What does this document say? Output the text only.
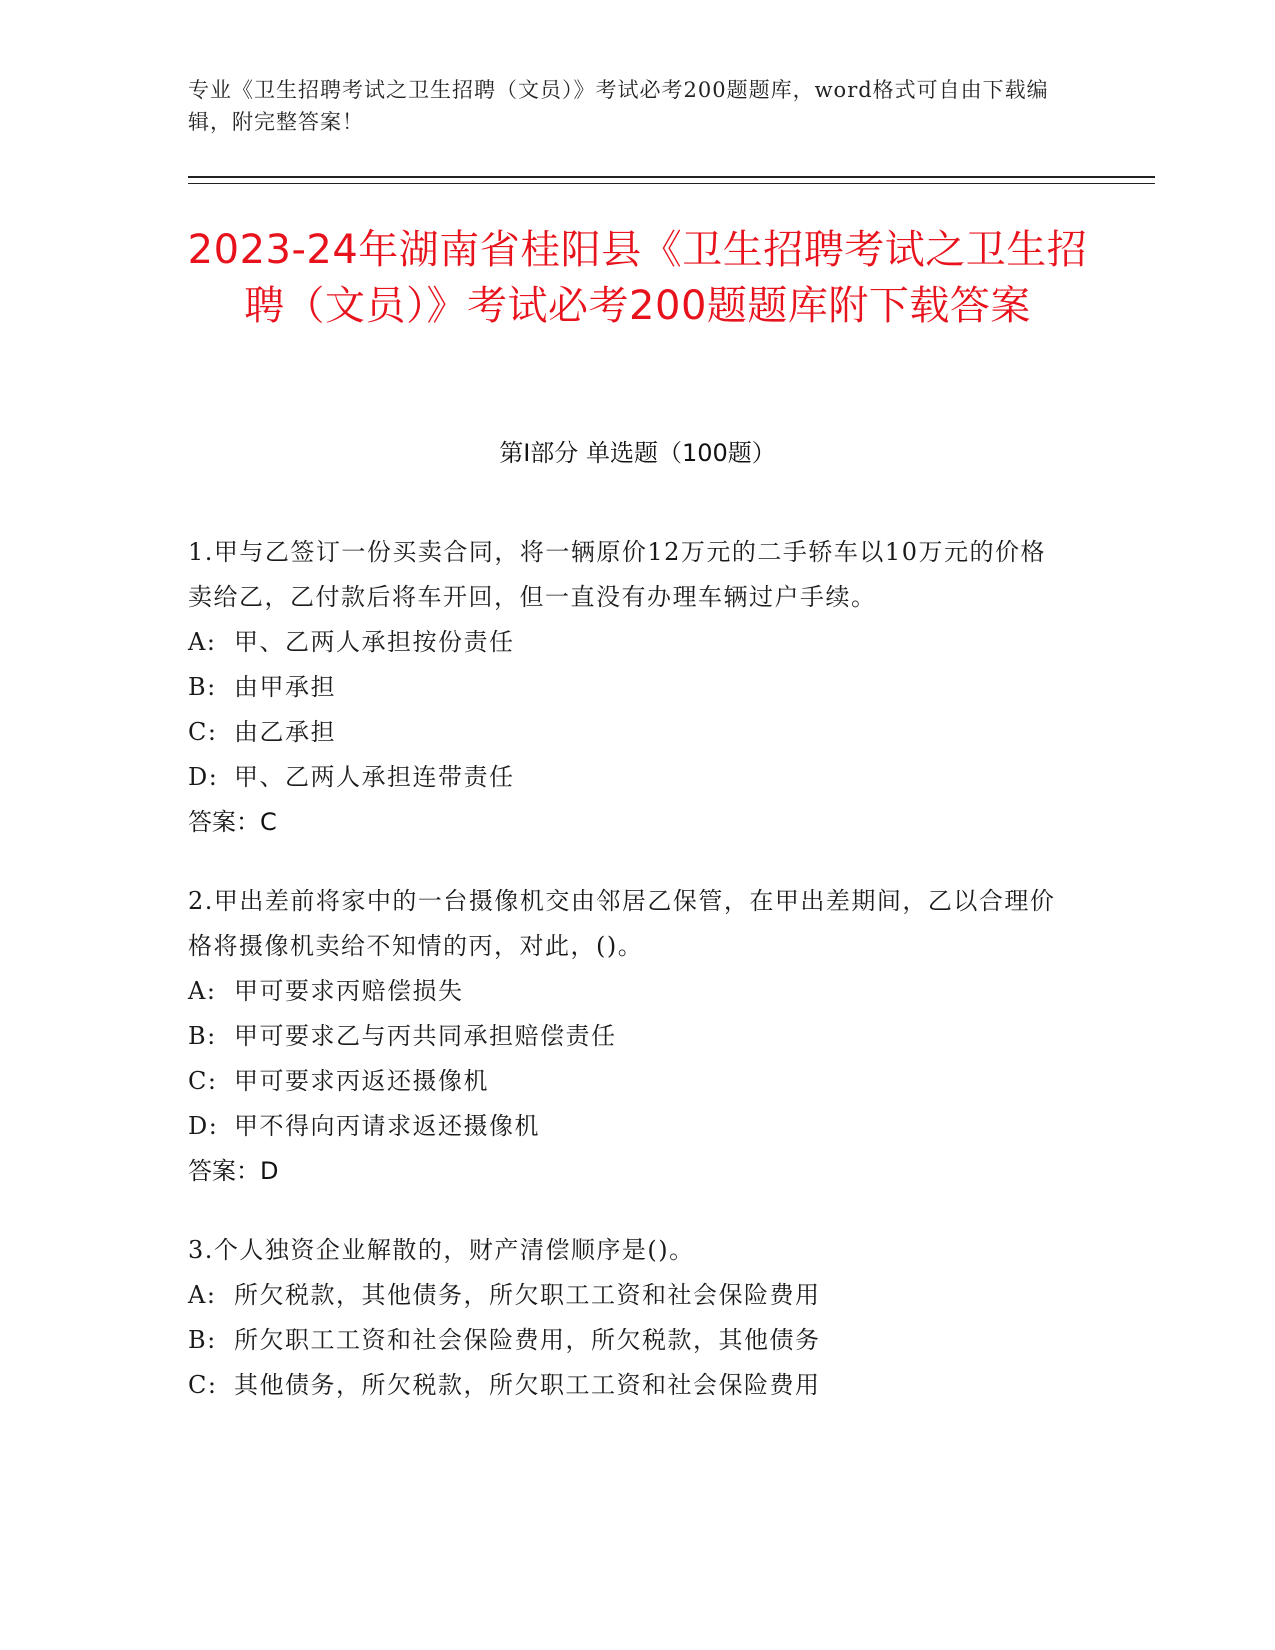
专业《卫生招聘考试之卫生招聘（文员）》考试必考200题题库，word格式可自由下载编辑，附完整答案！
2023-24年湖南省桂阳县《卫生招聘考试之卫生招聘（文员）》考试必考200题题库附下载答案
第Ⅰ部分 单选题（100题）

1.甲与乙签订一份买卖合同，将一辆原价12万元的二手轿车以10万元的价格卖给乙，乙付款后将车开回，但一直没有办理车辆过户手续。

A: 甲、乙两人承担按份责任

B: 由甲承担

C: 由乙承担

D: 甲、乙两人承担连带责任

答案：C

2.甲出差前将家中的一台摄像机交由邻居乙保管，在甲出差期间，乙以合理价格将摄像机卖给不知情的丙，对此，()。

A: 甲可要求丙赔偿损失

B: 甲可要求乙与丙共同承担赔偿责任

C: 甲可要求丙返还摄像机

D: 甲不得向丙请求返还摄像机

答案：D

3.个人独资企业解散的，财产清偿顺序是()。

A: 所欠税款，其他债务，所欠职工工资和社会保险费用

B: 所欠职工工资和社会保险费用，所欠税款，其他债务

C: 其他债务，所欠税款，所欠职工工资和社会保险费用
